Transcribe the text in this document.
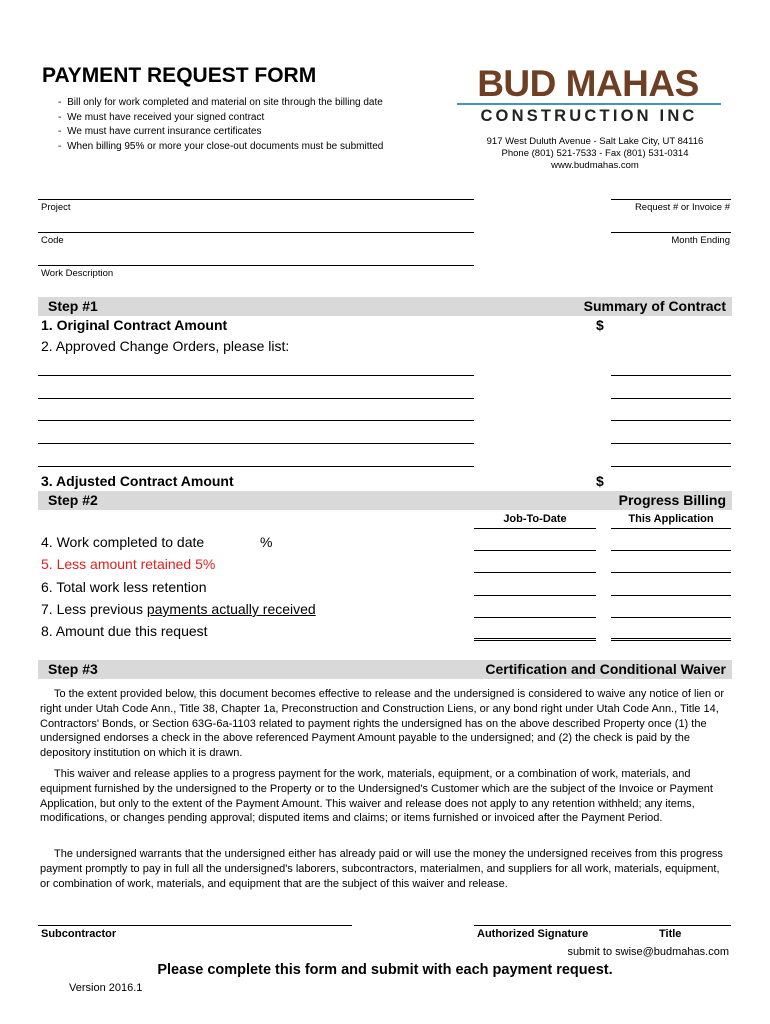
PAYMENT REQUEST FORM
- Bill only for work completed and material on site through the billing date
- We must have received your signed contract
- We must have current insurance certificates
- When billing 95% or more your close-out documents must be submitted
BUD MAHAS
CONSTRUCTION INC
917 West Duluth Avenue - Salt Lake City, UT 84116
Phone (801) 521-7533 - Fax (801) 531-0314
www.budmahas.com
Project	Request # or Invoice #
Code	Month Ending
Work Description
Step #1	Summary of Contract
1. Original Contract Amount	$
2. Approved Change Orders, please list:
3. Adjusted Contract Amount	$
Step #2	Progress Billing
Job-To-Date	This Application
4. Work completed to date	%
5. Less amount retained 5%
6. Total work less retention
7. Less previous payments actually received
8. Amount due this request
Step #3	Certification and Conditional Waiver

To the extent provided below, this document becomes effective to release and the undersigned is considered to waive any notice of lien or right under Utah Code Ann., Title 38, Chapter 1a, Preconstruction and Construction Liens, or any bond right under Utah Code Ann., Title 14, Contractors' Bonds, or Section 63G-6a-1103 related to payment rights the undersigned has on the above described Property once (1) the undersigned endorses a check in the above referenced Payment Amount payable to the undersigned; and (2) the check is paid by the depository institution on which it is drawn.

This waiver and release applies to a progress payment for the work, materials, equipment, or a combination of work, materials, and equipment furnished by the undersigned to the Property or to the Undersigned's Customer which are the subject of the Invoice or Payment Application, but only to the extent of the Payment Amount. This waiver and release does not apply to any retention withheld; any items, modifications, or changes pending approval; disputed items and claims; or items furnished or invoiced after the Payment Period.

The undersigned warrants that the undersigned either has already paid or will use the money the undersigned receives from this progress payment promptly to pay in full all the undersigned's laborers, subcontractors, materialmen, and suppliers for all work, materials, equipment, or combination of work, materials, and equipment that are the subject of this waiver and release.

Subcontractor	Authorized Signature	Title
submit to swise@budmahas.com
Please complete this form and submit with each payment request.
Version 2016.1
